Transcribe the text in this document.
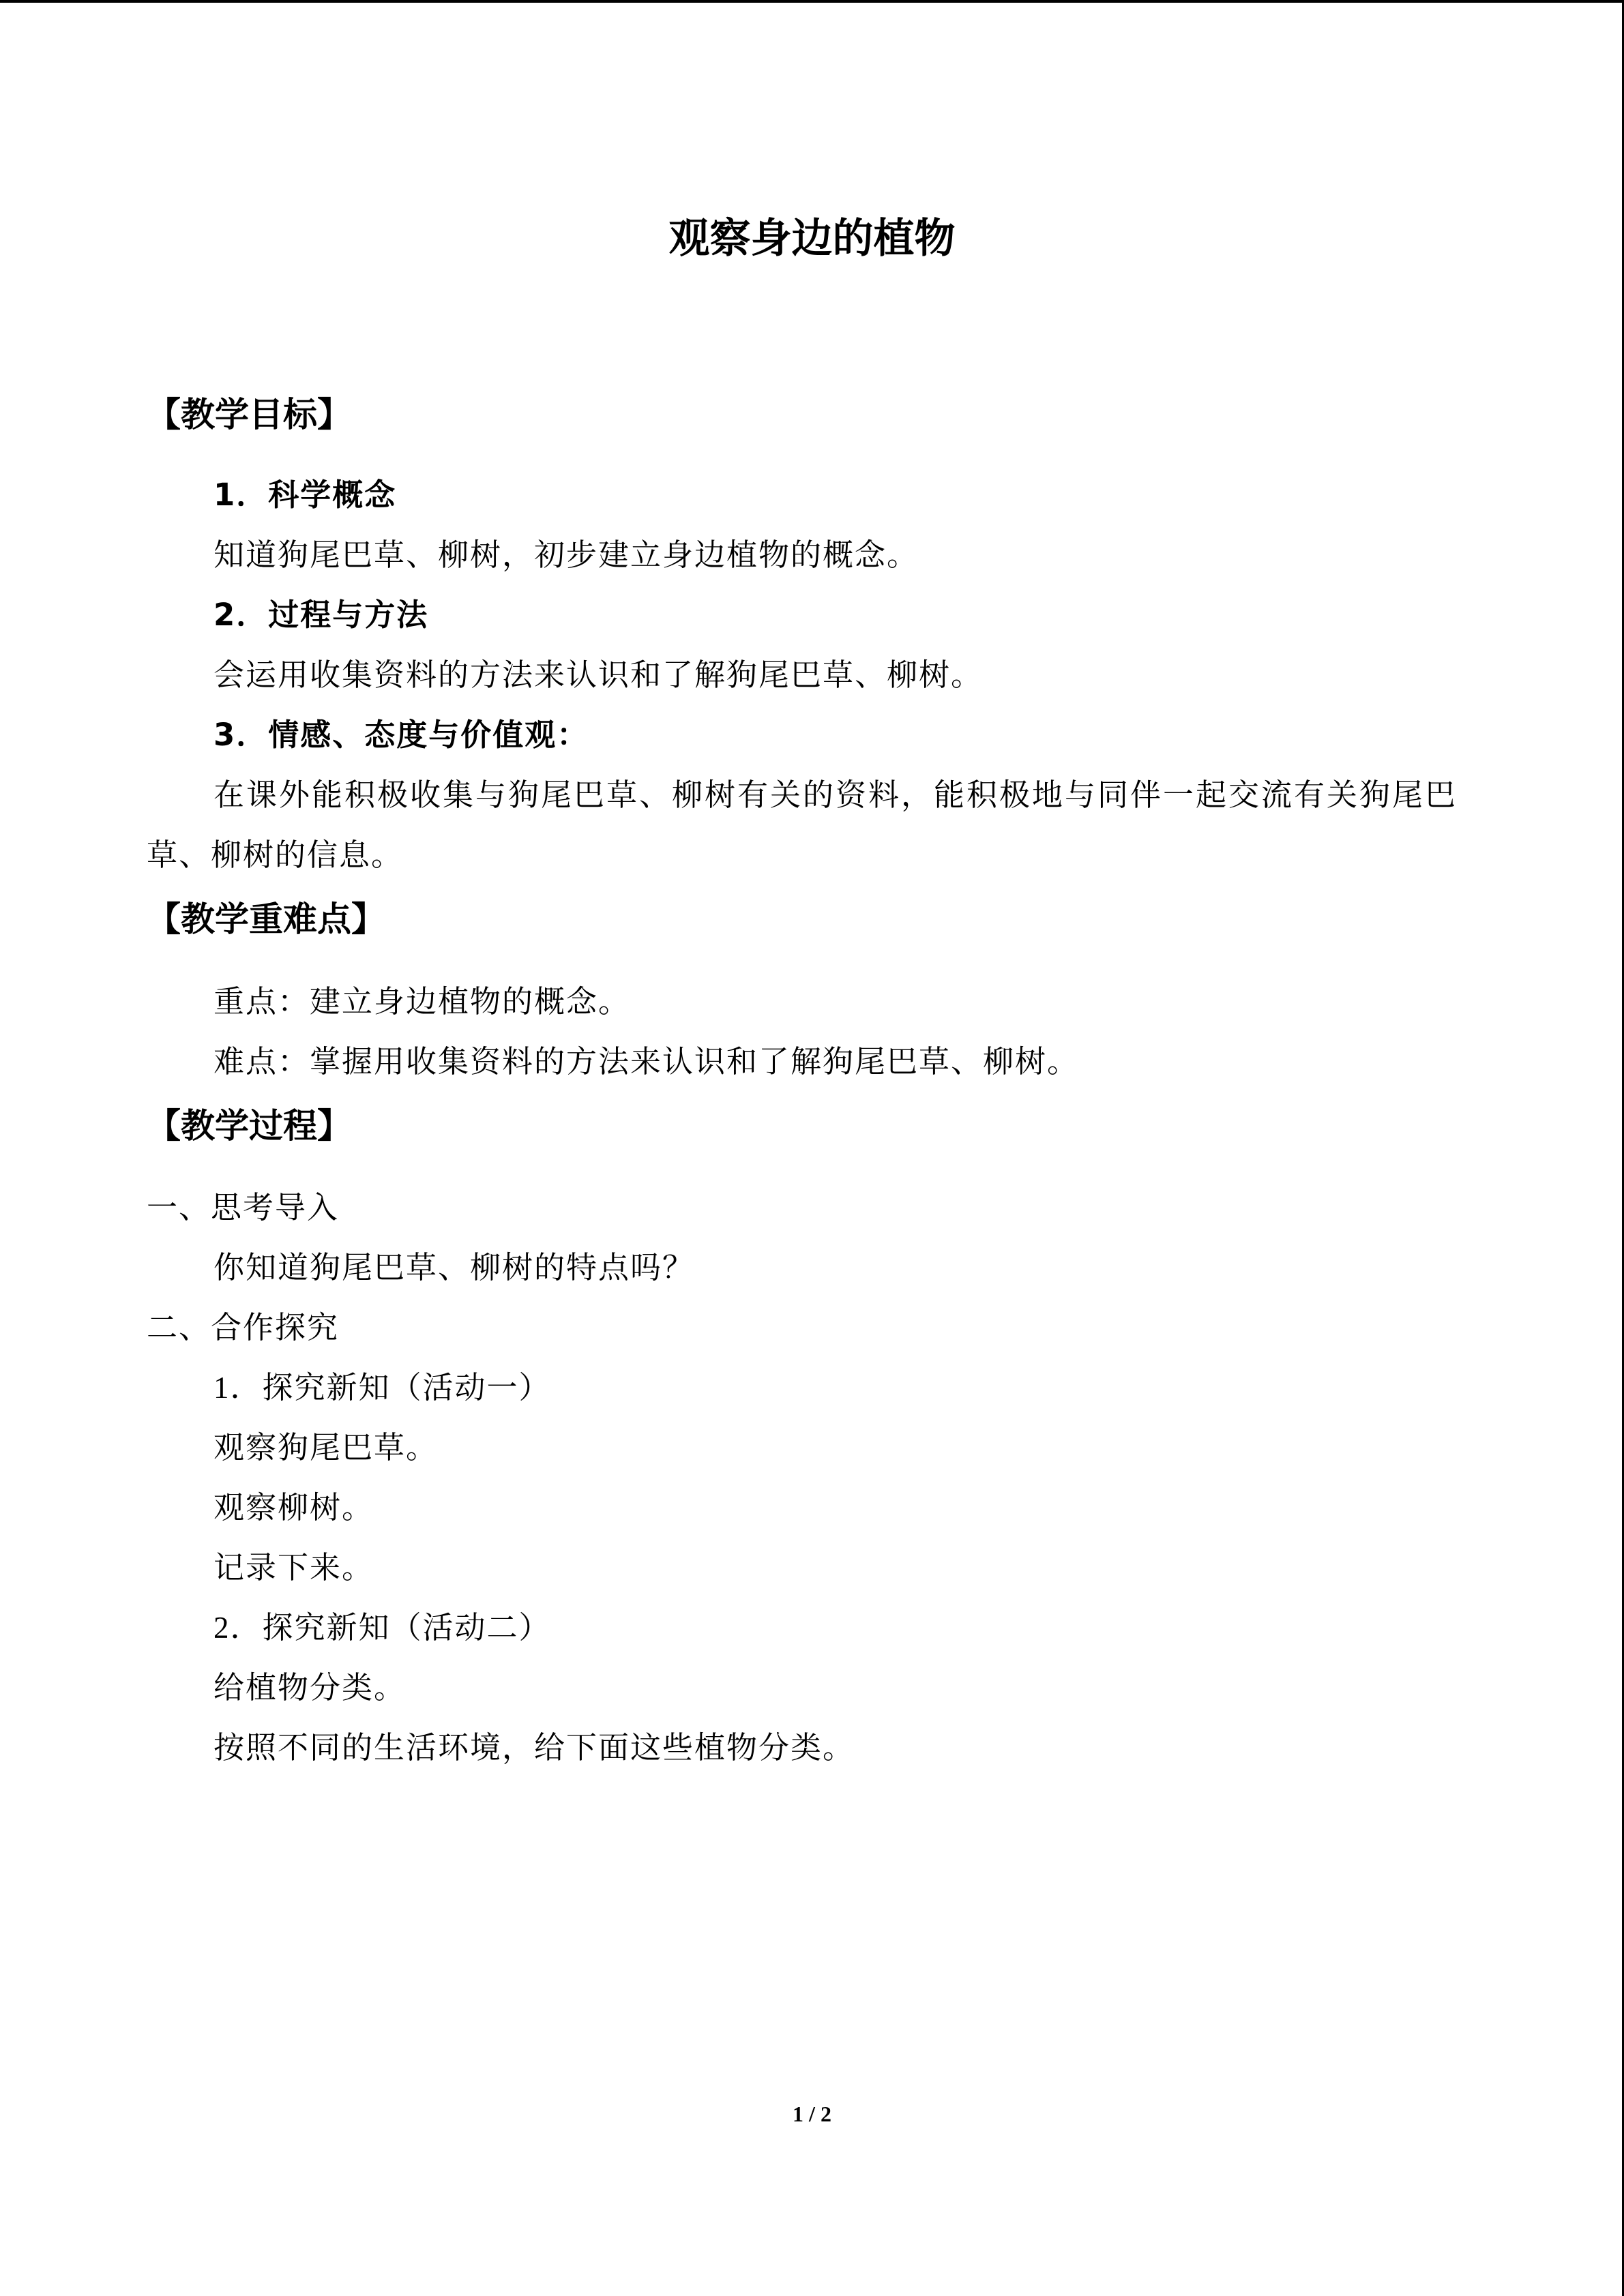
观察身边的植物
【教学目标】
1．科学概念
知道狗尾巴草、柳树，初步建立身边植物的概念。
2．过程与方法
会运用收集资料的方法来认识和了解狗尾巴草、柳树。
3．情感、态度与价值观：
在课外能积极收集与狗尾巴草、柳树有关的资料，能积极地与同伴一起交流有关狗尾巴
草、柳树的信息。
【教学重难点】
重点：建立身边植物的概念。
难点：掌握用收集资料的方法来认识和了解狗尾巴草、柳树。
【教学过程】
一、思考导入
你知道狗尾巴草、柳树的特点吗？
二、合作探究
1．探究新知（活动一）
观察狗尾巴草。
观察柳树。
记录下来。
2．探究新知（活动二）
给植物分类。
按照不同的生活环境，给下面这些植物分类。
1 / 2
